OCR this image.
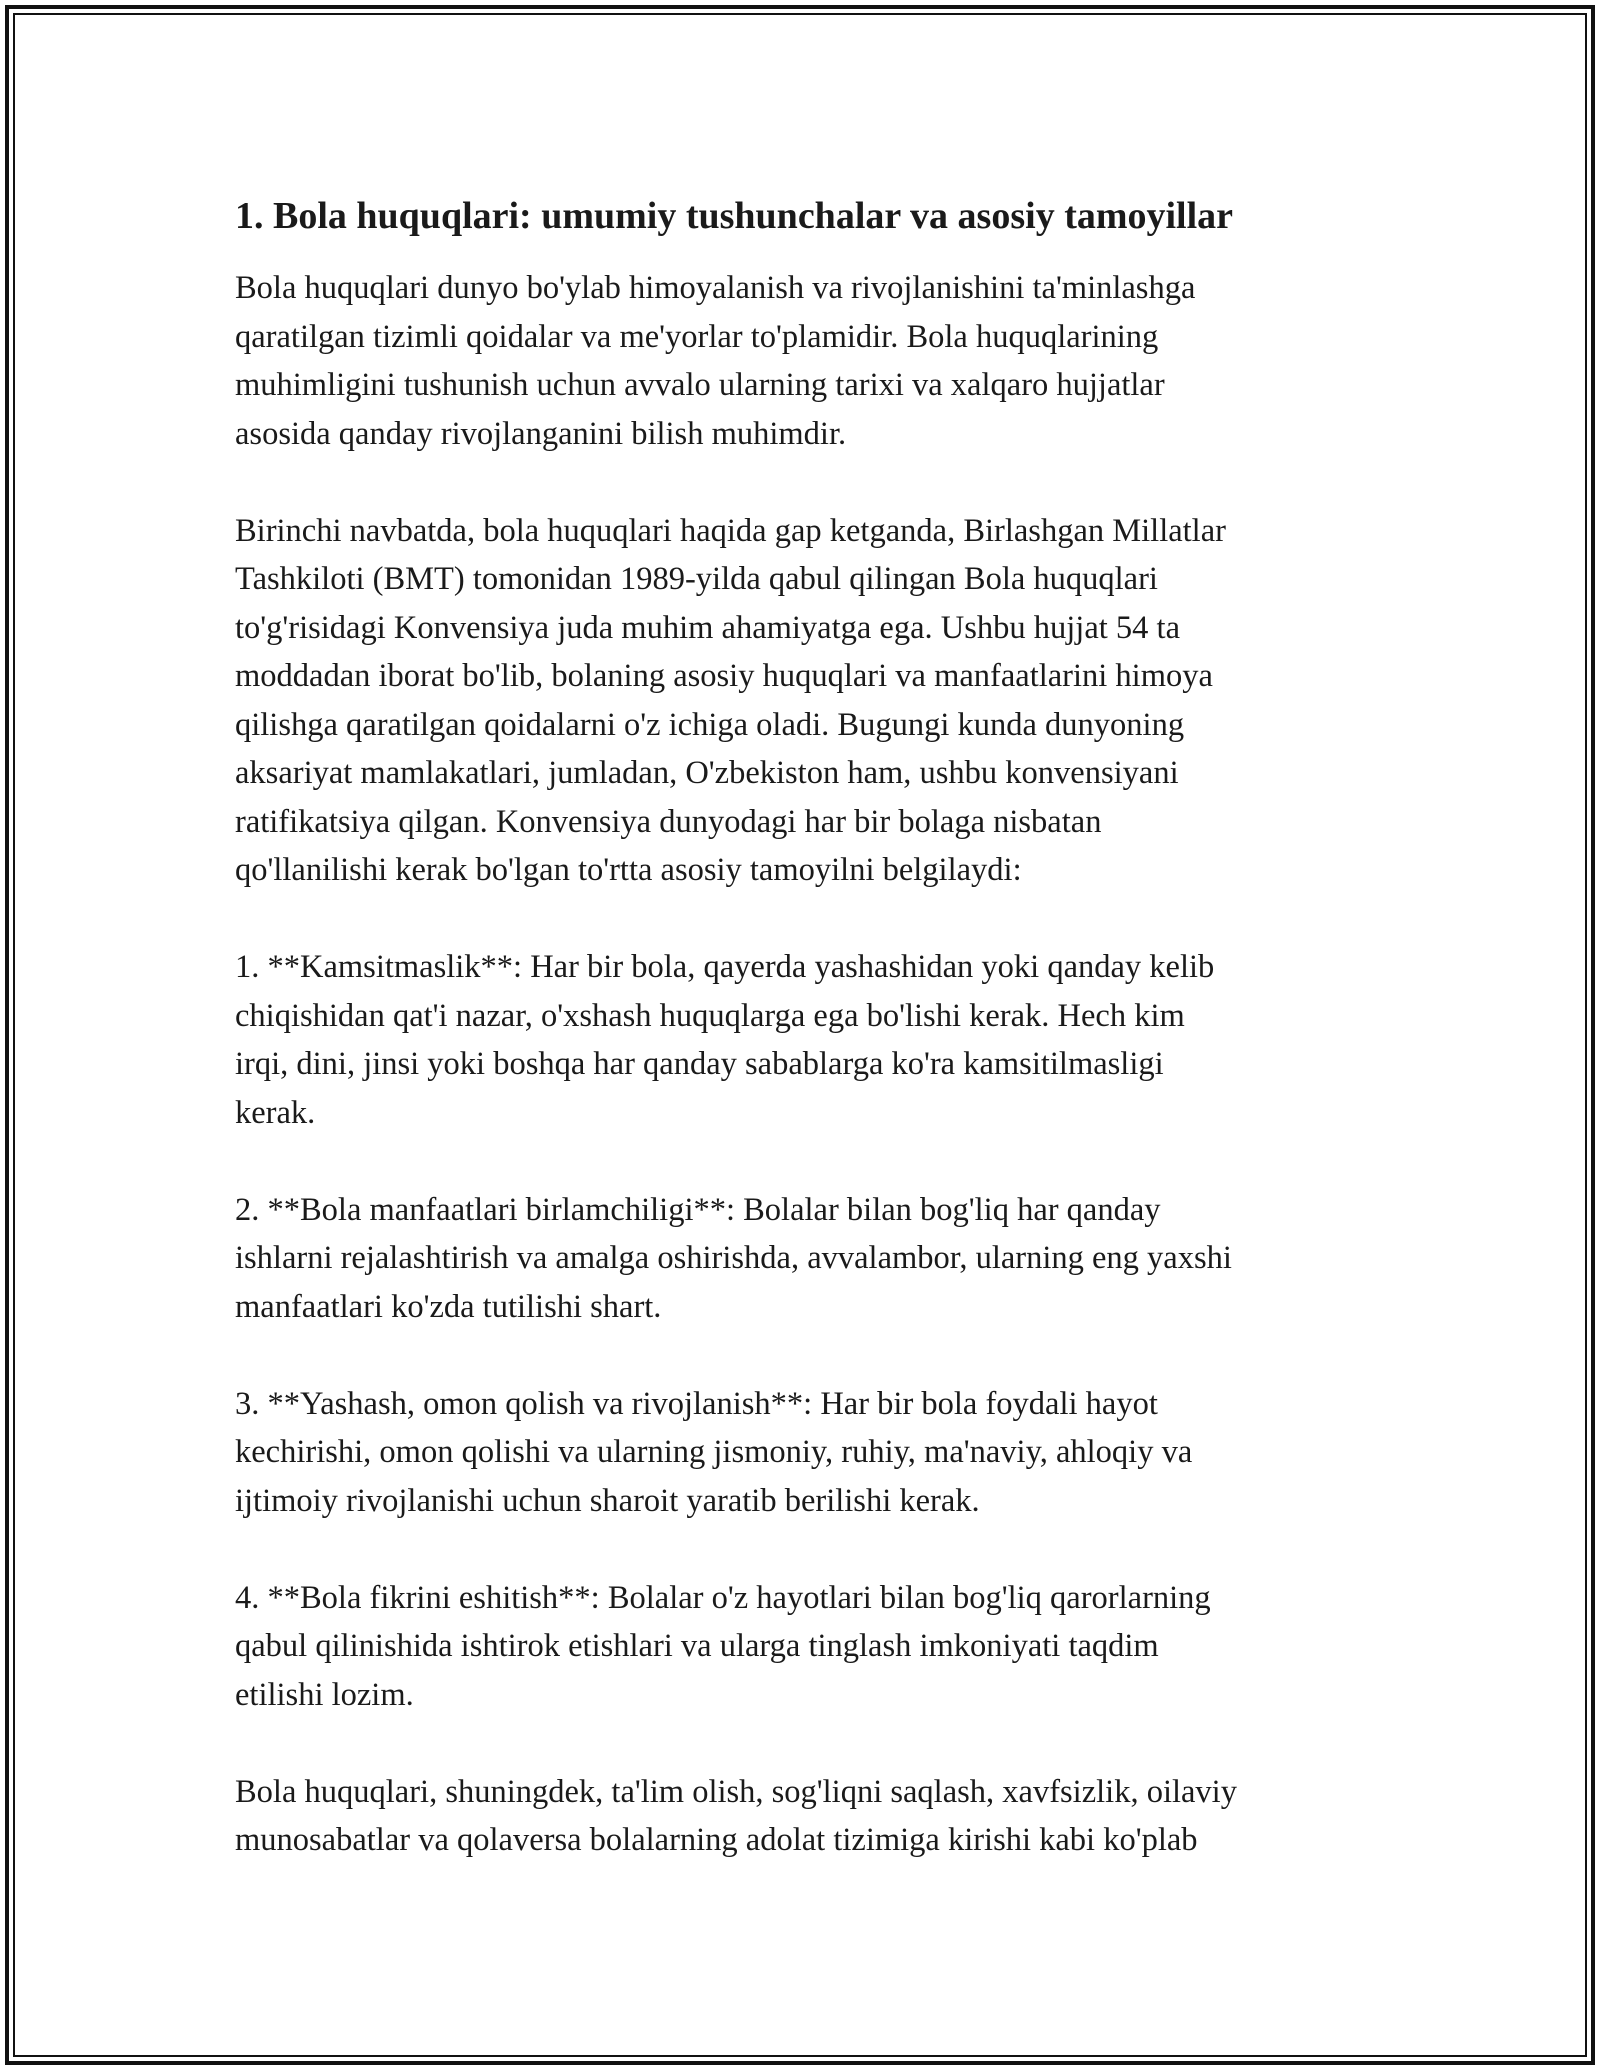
1. Bola huquqlari: umumiy tushunchalar va asosiy tamoyillar

Bola huquqlari dunyo bo'ylab himoyalanish va rivojlanishini ta'minlashga
qaratilgan tizimli qoidalar va me'yorlar to'plamidir. Bola huquqlarining
muhimligini tushunish uchun avvalo ularning tarixi va xalqaro hujjatlar
asosida qanday rivojlanganini bilish muhimdir.

Birinchi navbatda, bola huquqlari haqida gap ketganda, Birlashgan Millatlar
Tashkiloti (BMT) tomonidan 1989-yilda qabul qilingan Bola huquqlari
to'g'risidagi Konvensiya juda muhim ahamiyatga ega. Ushbu hujjat 54 ta
moddadan iborat bo'lib, bolaning asosiy huquqlari va manfaatlarini himoya
qilishga qaratilgan qoidalarni o'z ichiga oladi. Bugungi kunda dunyoning
aksariyat mamlakatlari, jumladan, O'zbekiston ham, ushbu konvensiyani
ratifikatsiya qilgan. Konvensiya dunyodagi har bir bolaga nisbatan
qo'llanilishi kerak bo'lgan to'rtta asosiy tamoyilni belgilaydi:

1. **Kamsitmaslik**: Har bir bola, qayerda yashashidan yoki qanday kelib
chiqishidan qat'i nazar, o'xshash huquqlarga ega bo'lishi kerak. Hech kim
irqi, dini, jinsi yoki boshqa har qanday sabablarga ko'ra kamsitilmasligi
kerak.

2. **Bola manfaatlari birlamchiligi**: Bolalar bilan bog'liq har qanday
ishlarni rejalashtirish va amalga oshirishda, avvalambor, ularning eng yaxshi
manfaatlari ko'zda tutilishi shart.

3. **Yashash, omon qolish va rivojlanish**: Har bir bola foydali hayot
kechirishi, omon qolishi va ularning jismoniy, ruhiy, ma'naviy, ahloqiy va
ijtimoiy rivojlanishi uchun sharoit yaratib berilishi kerak.

4. **Bola fikrini eshitish**: Bolalar o'z hayotlari bilan bog'liq qarorlarning
qabul qilinishida ishtirok etishlari va ularga tinglash imkoniyati taqdim
etilishi lozim.

Bola huquqlari, shuningdek, ta'lim olish, sog'liqni saqlash, xavfsizlik, oilaviy
munosabatlar va qolaversa bolalarning adolat tizimiga kirishi kabi ko'plab
